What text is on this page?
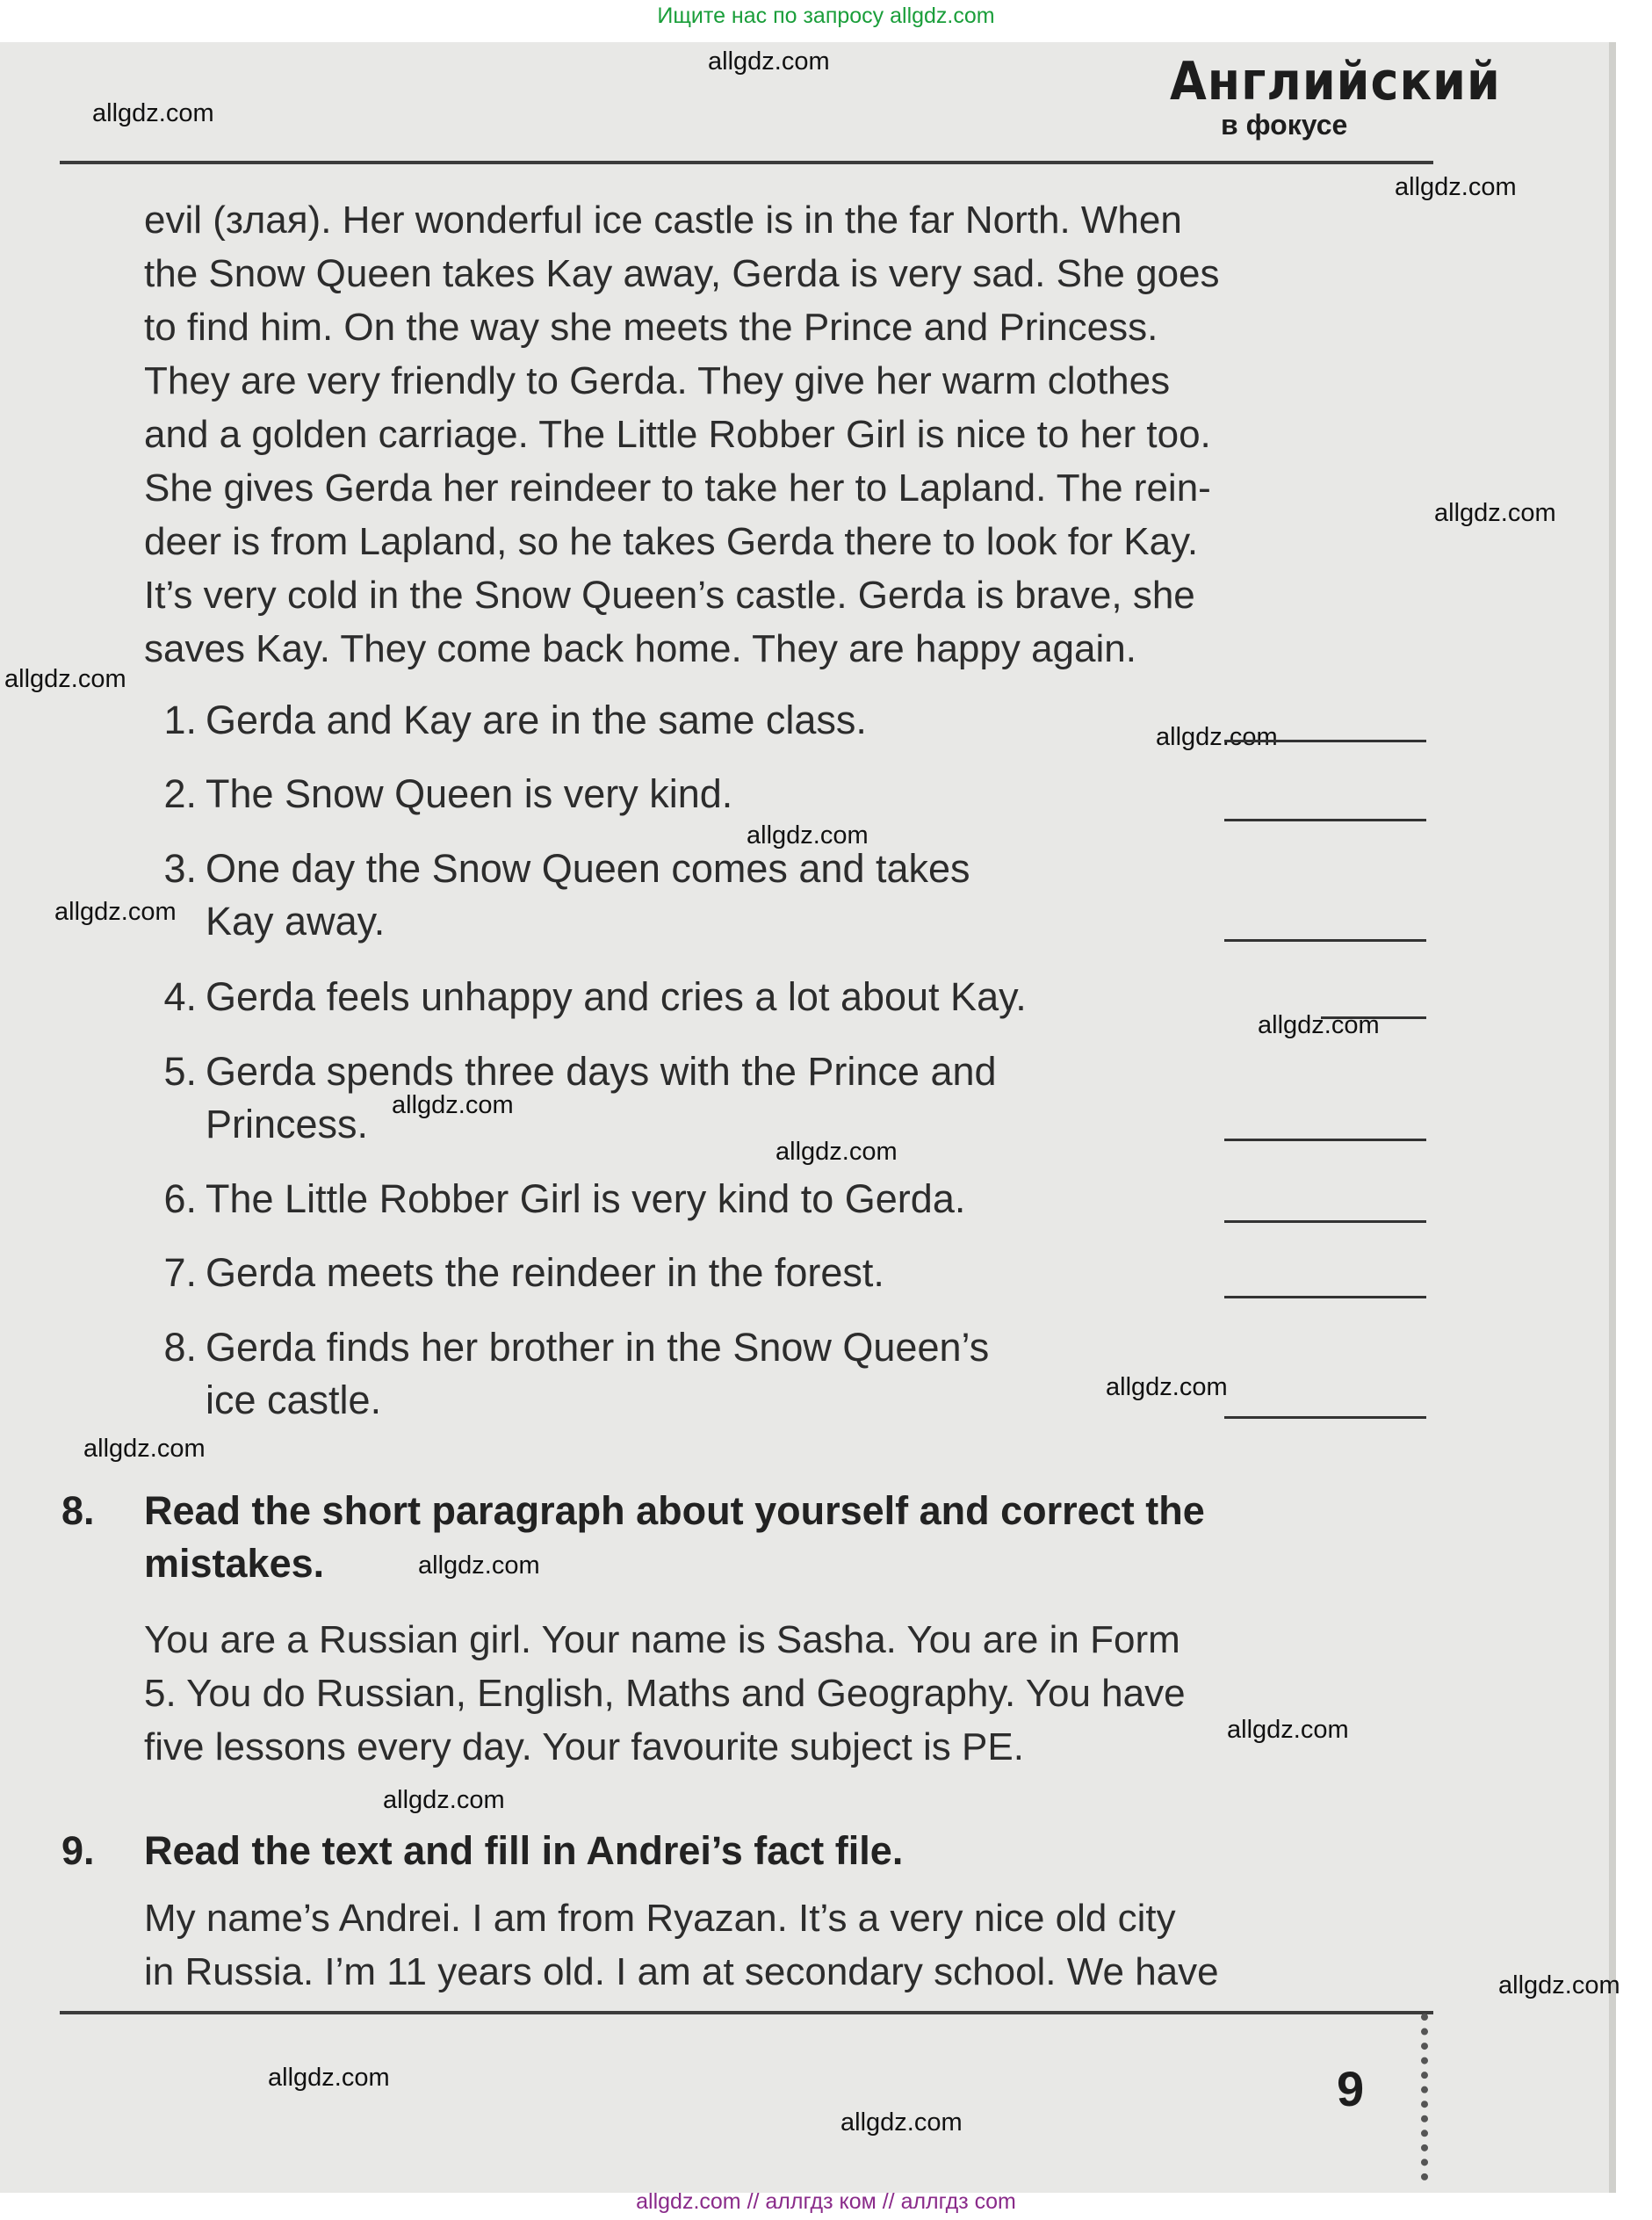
Ищите нас по запросу allgdz.com
Английский
в фокусе
allgdz.com
allgdz.com
allgdz.com
allgdz.com
allgdz.com
allgdz.com
allgdz.com
allgdz.com
allgdz.com
allgdz.com
allgdz.com
allgdz.com
allgdz.com
allgdz.com
allgdz.com
allgdz.com
allgdz.com
allgdz.com
allgdz.com
evil (злая). Her wonderful ice castle is in the far North. When
the Snow Queen takes Kay away, Gerda is very sad. She goes
to find him. On the way she meets the Prince and Princess.
They are very friendly to Gerda. They give her warm clothes
and a golden carriage. The Little Robber Girl is nice to her too.
She gives Gerda her reindeer to take her to Lapland. The rein-
deer is from Lapland, so he takes Gerda there to look for Kay.
It’s very cold in the Snow Queen’s castle. Gerda is brave, she
saves Kay. They come back home. They are happy again.
1. Gerda and Kay are in the same class.
2. The Snow Queen is very kind.
3. One day the Snow Queen comes and takes
Kay away.
4. Gerda feels unhappy and cries a lot about Kay.
5. Gerda spends three days with the Prince and
Princess.
6. The Little Robber Girl is very kind to Gerda.
7. Gerda meets the reindeer in the forest.
8. Gerda finds her brother in the Snow Queen’s
ice castle.
8. Read the short paragraph about yourself and correct the
mistakes.
You are a Russian girl. Your name is Sasha. You are in Form
5. You do Russian, English, Maths and Geography. You have
five lessons every day. Your favourite subject is PE.
9. Read the text and fill in Andrei’s fact file.
My name’s Andrei. I am from Ryazan. It’s a very nice old city
in Russia. I’m 11 years old. I am at secondary school. We have
9
allgdz.com // аллгдз ком // аллгдз com
